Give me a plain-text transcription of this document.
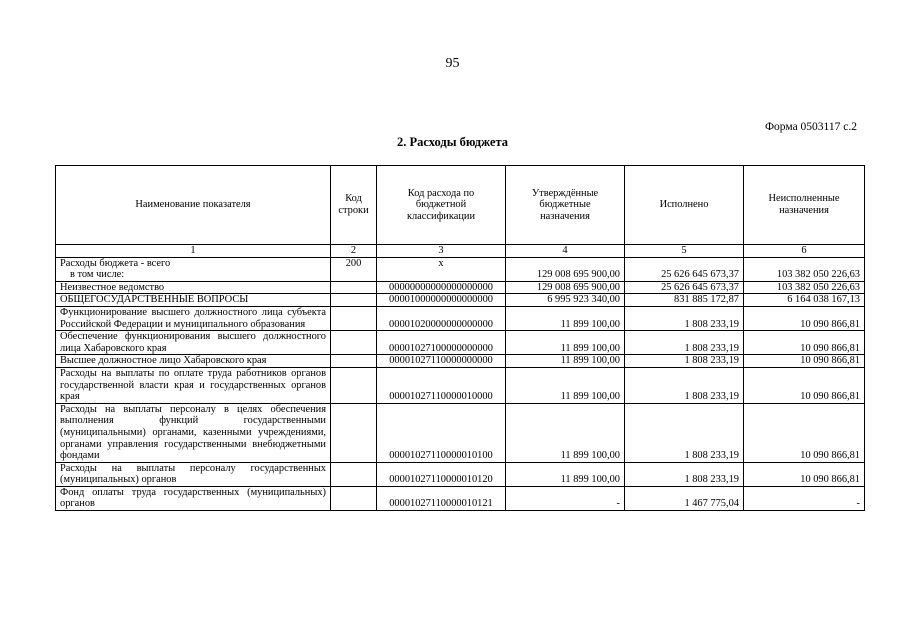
95
Форма 0503117 с.2
2. Расходы бюджета
Наименование показателя	Код строки	Код расхода по бюджетной классификации	Утверждённые бюджетные назначения	Исполнено	Неисполненные назначения
1	2	3	4	5	6

Расходы бюджета - всего
в том числе:	200	x	129 008 695 900,00	25 626 645 673,37	103 382 050 226,63
Неизвестное ведомство		00000000000000000000	129 008 695 900,00	25 626 645 673,37	103 382 050 226,63
ОБЩЕГОСУДАРСТВЕННЫЕ ВОПРОСЫ		00001000000000000000	6 995 923 340,00	831 885 172,87	6 164 038 167,13
Функционирование высшего должностного лица субъекта Российской Федерации и муниципального образования		00001020000000000000	11 899 100,00	1 808 233,19	10 090 866,81
Обеспечение функционирования высшего должностного лица Хабаровского края		00001027100000000000	11 899 100,00	1 808 233,19	10 090 866,81
Высшее должностное лицо Хабаровского края		00001027110000000000	11 899 100,00	1 808 233,19	10 090 866,81
Расходы на выплаты по оплате труда работников органов государственной власти края и государственных органов края		00001027110000010000	11 899 100,00	1 808 233,19	10 090 866,81
Расходы на выплаты персоналу в целях обеспечения выполнения функций государственными (муниципальными) органами, казенными учреждениями, органами управления государственными внебюджетными фондами		00001027110000010100	11 899 100,00	1 808 233,19	10 090 866,81
Расходы на выплаты персоналу государственных (муниципальных) органов		00001027110000010120	11 899 100,00	1 808 233,19	10 090 866,81
Фонд оплаты труда государственных (муниципальных) органов		00001027110000010121	-	1 467 775,04	-
